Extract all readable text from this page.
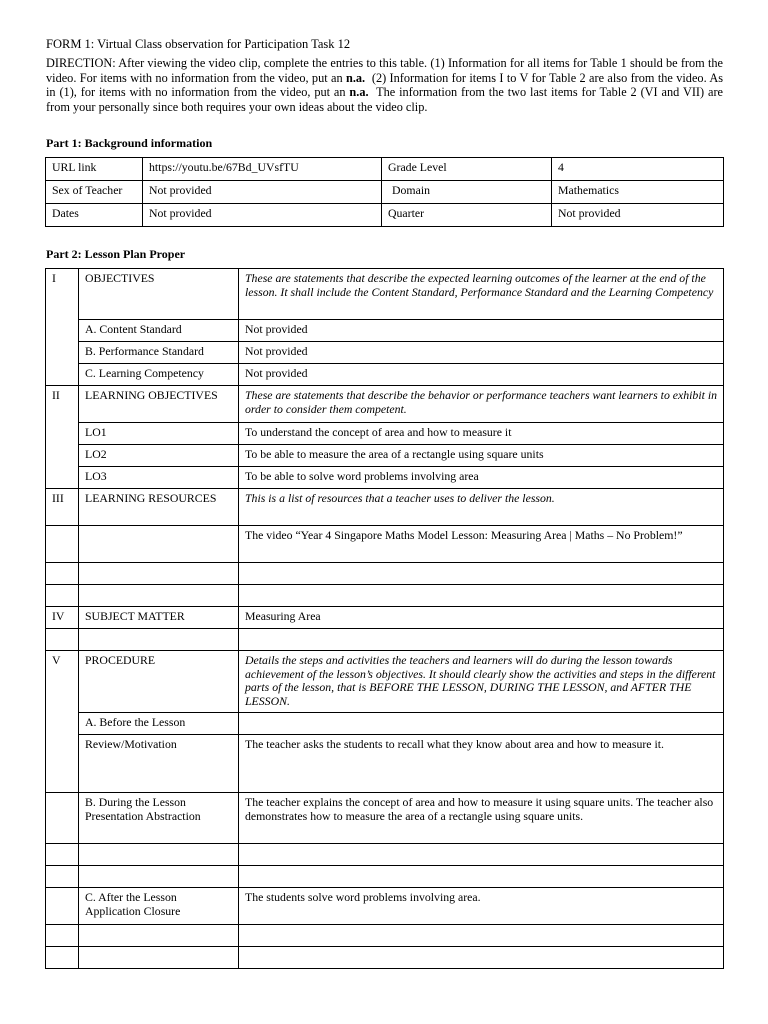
FORM 1: Virtual Class observation for Participation Task 12
DIRECTION: After viewing the video clip, complete the entries to this table. (1) Information for all items for Table 1 should be from the video. For items with no information from the video, put an n.a.  (2) Information for items I to V for Table 2 are also from the video. As in (1), for items with no information from the video, put an n.a.  The information from the two last items for Table 2 (VI and VII) are from your personally since both requires your own ideas about the video clip.
Part 1: Background information
URL link	https://youtu.be/67Bd_UVsfTU	Grade Level	4
Sex of Teacher	Not provided	Domain	Mathematics
Dates	Not provided	Quarter	Not provided
Part 2: Lesson Plan Proper
I	OBJECTIVES	These are statements that describe the expected learning outcomes of the learner at the end of the lesson. It shall include the Content Standard, Performance Standard and the Learning Competency
	A. Content Standard	Not provided
	B. Performance Standard	Not provided
	C. Learning Competency	Not provided
II	LEARNING OBJECTIVES	These are statements that describe the behavior or performance teachers want learners to exhibit in order to consider them competent.
	LO1	To understand the concept of area and how to measure it
	LO2	To be able to measure the area of a rectangle using square units
	LO3	To be able to solve word problems involving area
III	LEARNING RESOURCES	This is a list of resources that a teacher uses to deliver the lesson.
		The video “Year 4 Singapore Maths Model Lesson: Measuring Area | Maths – No Problem!”

IV	SUBJECT MATTER	Measuring Area

V	PROCEDURE	Details the steps and activities the teachers and learners will do during the lesson towards achievement of the lesson’s objectives. It should clearly show the activities and steps in the different parts of the lesson, that is BEFORE THE LESSON, DURING THE LESSON, and AFTER THE LESSON.
	A. Before the Lesson	
	Review/Motivation	The teacher asks the students to recall what they know about area and how to measure it.
	B. During the Lesson Presentation Abstraction	The teacher explains the concept of area and how to measure it using square units. The teacher also demonstrates how to measure the area of a rectangle using square units.

	C. After the Lesson Application Closure	The students solve word problems involving area.
